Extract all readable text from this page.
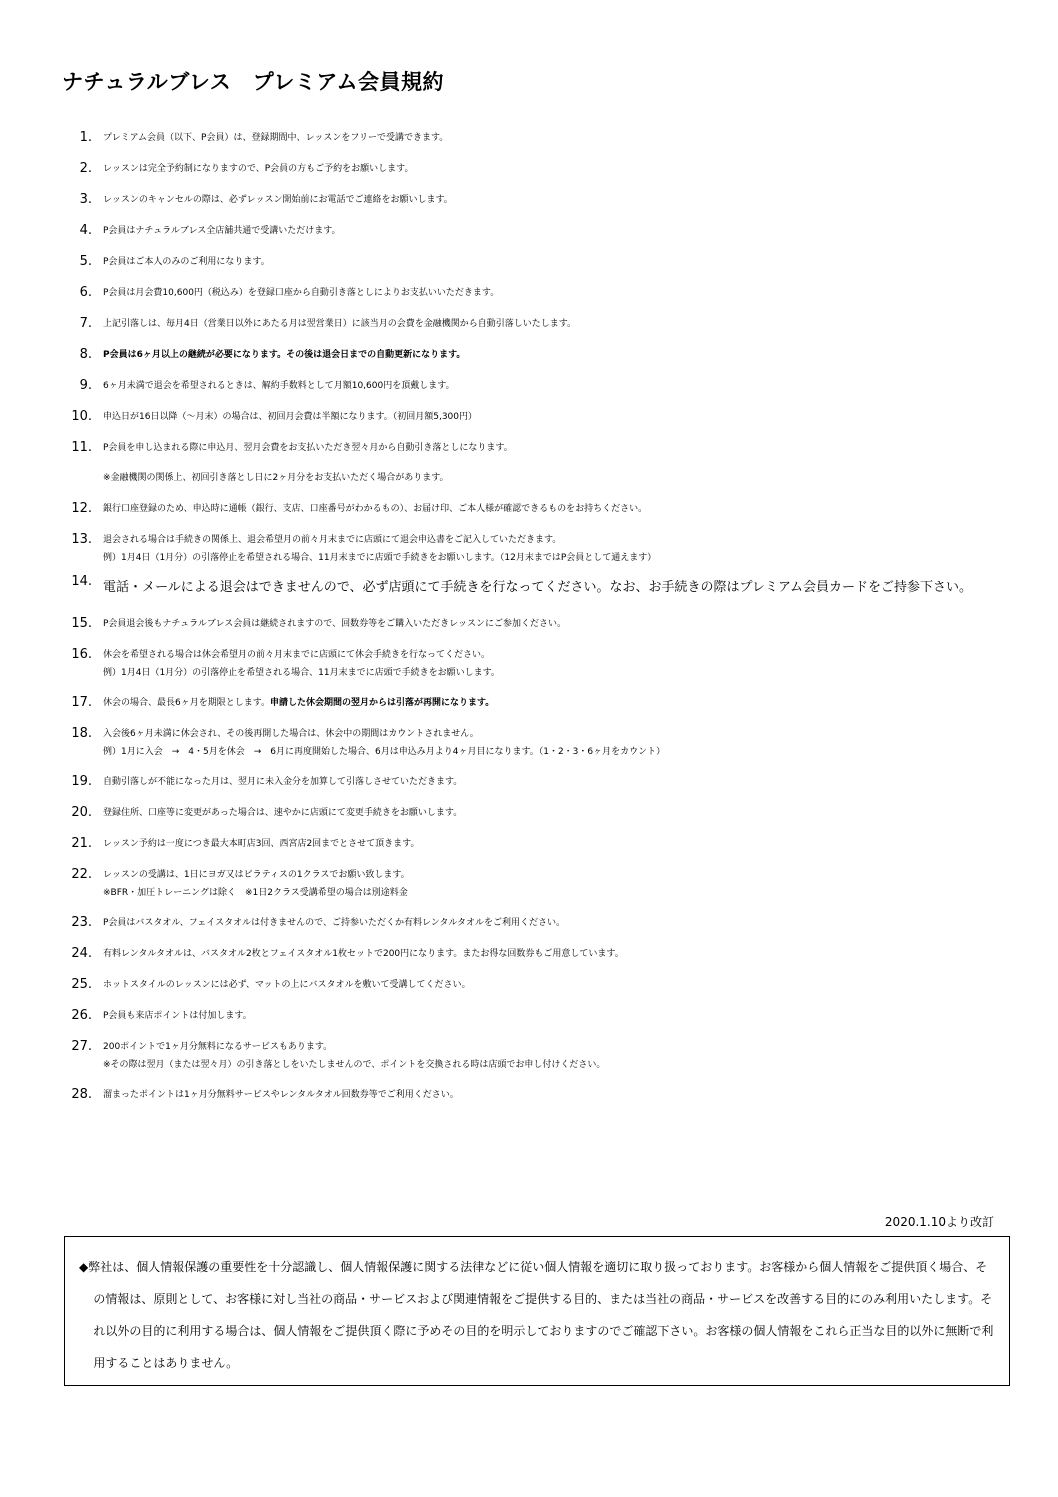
ナチュラルブレス　プレミアム会員規約
1. プレミアム会員（以下、P会員）は、登録期間中、レッスンをフリーで受講できます。
2. レッスンは完全予約制になりますので、P会員の方もご予約をお願いします。
3. レッスンのキャンセルの際は、必ずレッスン開始前にお電話でご連絡をお願いします。
4. P会員はナチュラルブレス全店舗共通で受講いただけます。
5. P会員はご本人のみのご利用になります。
6. P会員は月会費10,600円（税込み）を登録口座から自動引き落としによりお支払いいただきます。
7. 上記引落しは、毎月4日（営業日以外にあたる月は翌営業日）に該当月の会費を金融機関から自動引落しいたします。
8. P会員は6ヶ月以上の継続が必要になります。その後は退会日までの自動更新になります。
9. 6ヶ月未満で退会を希望されるときは、解約手数料として月額10,600円を頂戴します。
10. 申込日が16日以降（～月末）の場合は、初回月会費は半額になります。（初回月額5,300円）
11. P会員を申し込まれる際に申込月、翌月会費をお支払いただき翌々月から自動引き落としになります。
※金融機関の関係上、初回引き落とし日に2ヶ月分をお支払いただく場合があります。
12. 銀行口座登録のため、申込時に通帳（銀行、支店、口座番号がわかるもの）、お届け印、ご本人様が確認できるものをお持ちください。
13. 退会される場合は手続きの関係上、退会希望月の前々月末までに店頭にて退会申込書をご記入していただきます。
例）1月4日（1月分）の引落停止を希望される場合、11月末までに店頭で手続きをお願いします。（12月末まではP会員として通えます）
14. 電話・メールによる退会はできませんので、必ず店頭にて手続きを行なってください。なお、お手続きの際はプレミアム会員カードをご持参下さい。
15. P会員退会後もナチュラルブレス会員は継続されますので、回数券等をご購入いただきレッスンにご参加ください。
16. 休会を希望される場合は休会希望月の前々月末までに店頭にて休会手続きを行なってください。
例）1月4日（1月分）の引落停止を希望される場合、11月末までに店頭で手続きをお願いします。
17. 休会の場合、最長6ヶ月を期限とします。申請した休会期間の翌月からは引落が再開になります。
18. 入会後6ヶ月未満に休会され、その後再開した場合は、休会中の期間はカウントされません。
例）1月に入会　→　4・5月を休会　→　6月に再度開始した場合、6月は申込み月より4ヶ月目になります。（1・2・3・6ヶ月をカウント）
19. 自動引落しが不能になった月は、翌月に未入金分を加算して引落しさせていただきます。
20. 登録住所、口座等に変更があった場合は、速やかに店頭にて変更手続きをお願いします。
21. レッスン予約は一度につき最大本町店3回、西宮店2回までとさせて頂きます。
22. レッスンの受講は、1日にヨガ又はピラティスの1クラスでお願い致します。
※BFR・加圧トレーニングは除く　※1日2クラス受講希望の場合は別途料金
23. P会員はバスタオル、フェイスタオルは付きませんので、ご持参いただくか有料レンタルタオルをご利用ください。
24. 有料レンタルタオルは、バスタオル2枚とフェイスタオル1枚セットで200円になります。またお得な回数券もご用意しています。
25. ホットスタイルのレッスンには必ず、マットの上にバスタオルを敷いて受講してください。
26. P会員も来店ポイントは付加します。
27. 200ポイントで1ヶ月分無料になるサービスもあります。
※その際は翌月（または翌々月）の引き落としをいたしませんので、ポイントを交換される時は店頭でお申し付けください。
28. 溜まったポイントは1ヶ月分無料サービスやレンタルタオル回数券等でご利用ください。
2020.1.10より改訂
◆弊社は、個人情報保護の重要性を十分認識し、個人情報保護に関する法律などに従い個人情報を適切に取り扱っております。お客様から個人情報をご提供頂く場合、その情報は、原則として、お客様に対し当社の商品・サービスおよび関連情報をご提供する目的、または当社の商品・サービスを改善する目的にのみ利用いたします。それ以外の目的に利用する場合は、個人情報をご提供頂く際に予めその目的を明示しておりますのでご確認下さい。お客様の個人情報をこれら正当な目的以外に無断で利用することはありません。
